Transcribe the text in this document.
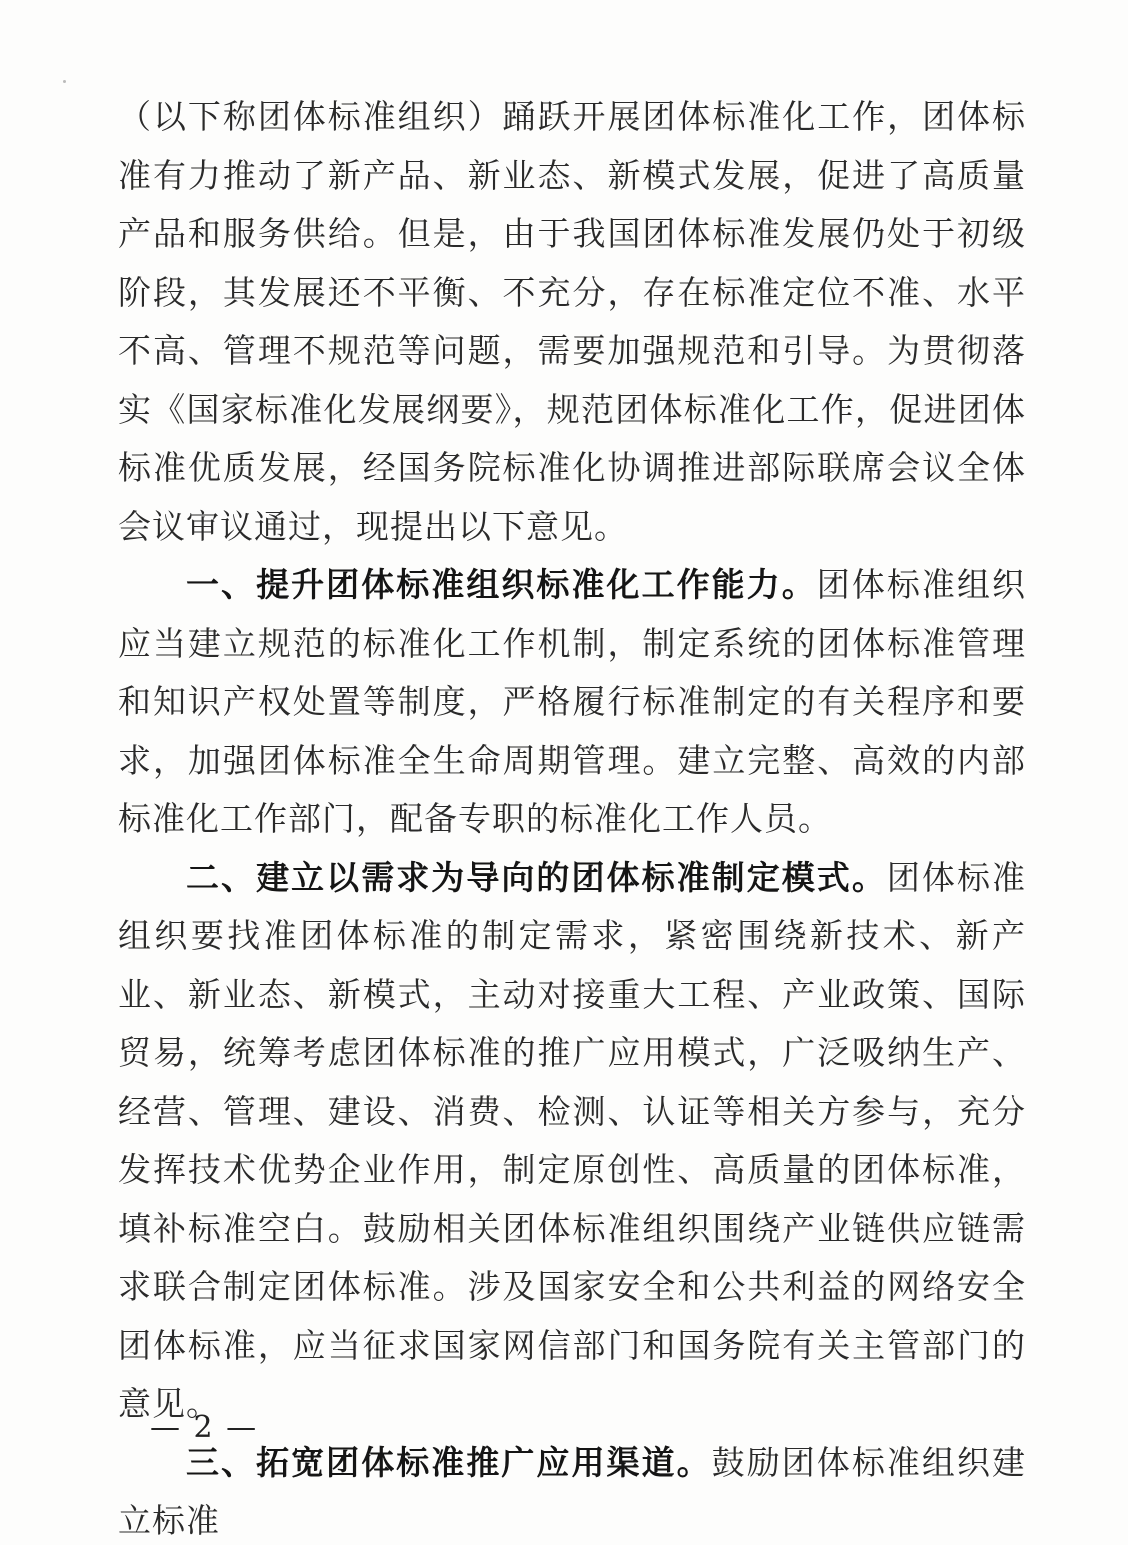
（以下称团体标准组织）踊跃开展团体标准化工作，团体标准有力推动了新产品、新业态、新模式发展，促进了高质量产品和服务供给。但是，由于我国团体标准发展仍处于初级阶段，其发展还不平衡、不充分，存在标准定位不准、水平不高、管理不规范等问题，需要加强规范和引导。为贯彻落实《国家标准化发展纲要》，规范团体标准化工作，促进团体标准优质发展，经国务院标准化协调推进部际联席会议全体会议审议通过，现提出以下意见。

一、提升团体标准组织标准化工作能力。团体标准组织应当建立规范的标准化工作机制，制定系统的团体标准管理和知识产权处置等制度，严格履行标准制定的有关程序和要求，加强团体标准全生命周期管理。建立完整、高效的内部标准化工作部门，配备专职的标准化工作人员。

二、建立以需求为导向的团体标准制定模式。团体标准组织要找准团体标准的制定需求，紧密围绕新技术、新产业、新业态、新模式，主动对接重大工程、产业政策、国际贸易，统筹考虑团体标准的推广应用模式，广泛吸纳生产、经营、管理、建设、消费、检测、认证等相关方参与，充分发挥技术优势企业作用，制定原创性、高质量的团体标准，填补标准空白。鼓励相关团体标准组织围绕产业链供应链需求联合制定团体标准。涉及国家安全和公共利益的网络安全团体标准，应当征求国家网信部门和国务院有关主管部门的意见。

三、拓宽团体标准推广应用渠道。鼓励团体标准组织建立标准

— 2 —
